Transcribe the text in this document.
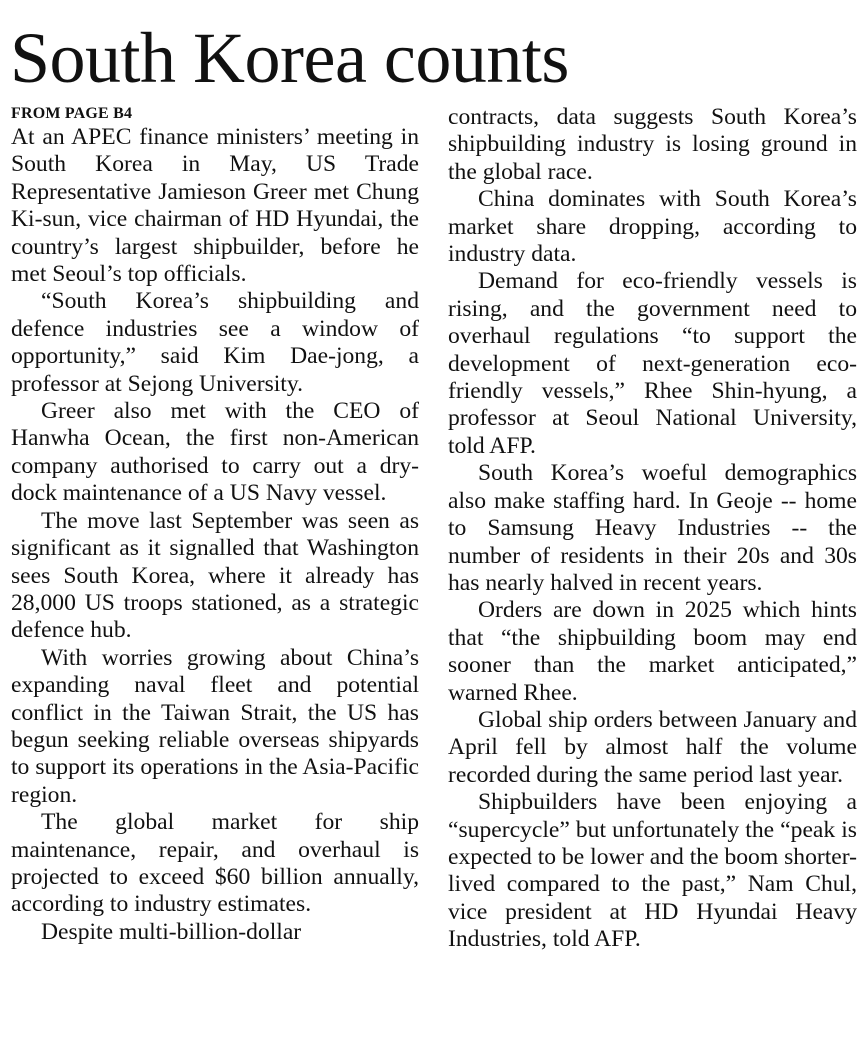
South Korea counts
FROM PAGE B4

At an APEC finance ministers’ meeting in South Korea in May, US Trade Representative Jamieson Greer met Chung Ki-sun, vice chairman of HD Hyundai, the country’s largest shipbuilder, before he met Seoul’s top officials.

“South Korea’s shipbuilding and defence industries see a window of opportunity,” said Kim Dae-jong, a professor at Sejong University.

Greer also met with the CEO of Hanwha Ocean, the first non-American company authorised to carry out a dry-dock maintenance of a US Navy vessel.

The move last September was seen as significant as it signalled that Washington sees South Korea, where it already has 28,000 US troops stationed, as a strategic defence hub.

With worries growing about China’s expanding naval fleet and potential conflict in the Taiwan Strait, the US has begun seeking reliable overseas shipyards to support its operations in the Asia-Pacific region.

The global market for ship maintenance, repair, and overhaul is projected to exceed $60 billion annually, according to industry estimates.

Despite multi-billion-dollar

contracts, data suggests South Korea’s shipbuilding industry is losing ground in the global race.

China dominates with South Korea’s market share dropping, according to industry data.

Demand for eco-friendly vessels is rising, and the government need to overhaul regulations “to support the development of next-generation eco-friendly vessels,” Rhee Shin-hyung, a professor at Seoul National University, told AFP.

South Korea’s woeful demographics also make staffing hard. In Geoje -- home to Samsung Heavy Industries -- the number of residents in their 20s and 30s has nearly halved in recent years.

Orders are down in 2025 which hints that “the shipbuilding boom may end sooner than the market anticipated,” warned Rhee.

Global ship orders between January and April fell by almost half the volume recorded during the same period last year.

Shipbuilders have been enjoying a “supercycle” but unfortunately the “peak is expected to be lower and the boom shorter-lived compared to the past,” Nam Chul, vice president at HD Hyundai Heavy Industries, told AFP.
